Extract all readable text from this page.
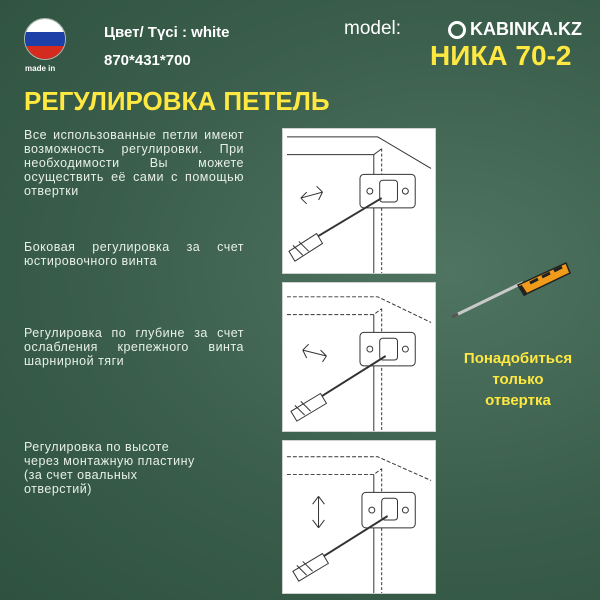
made in
Цвет/ Түсі : white
870*431*700
model:	KABINKA.KZ
НИКА 70-2
РЕГУЛИРОВКА ПЕТЕЛЬ
Все использованные петли имеют возможность регулировки. При необходимости Вы можете осуществить её сами с помощью отвертки
Боковая регулировка за счет юстировочного винта
Регулировка по глубине за счет ослабления крепежного винта шарнирной тяги
Регулировка по высоте через монтажную пластину (за счет овальных отверстий)
Понадобиться
только
отвертка
